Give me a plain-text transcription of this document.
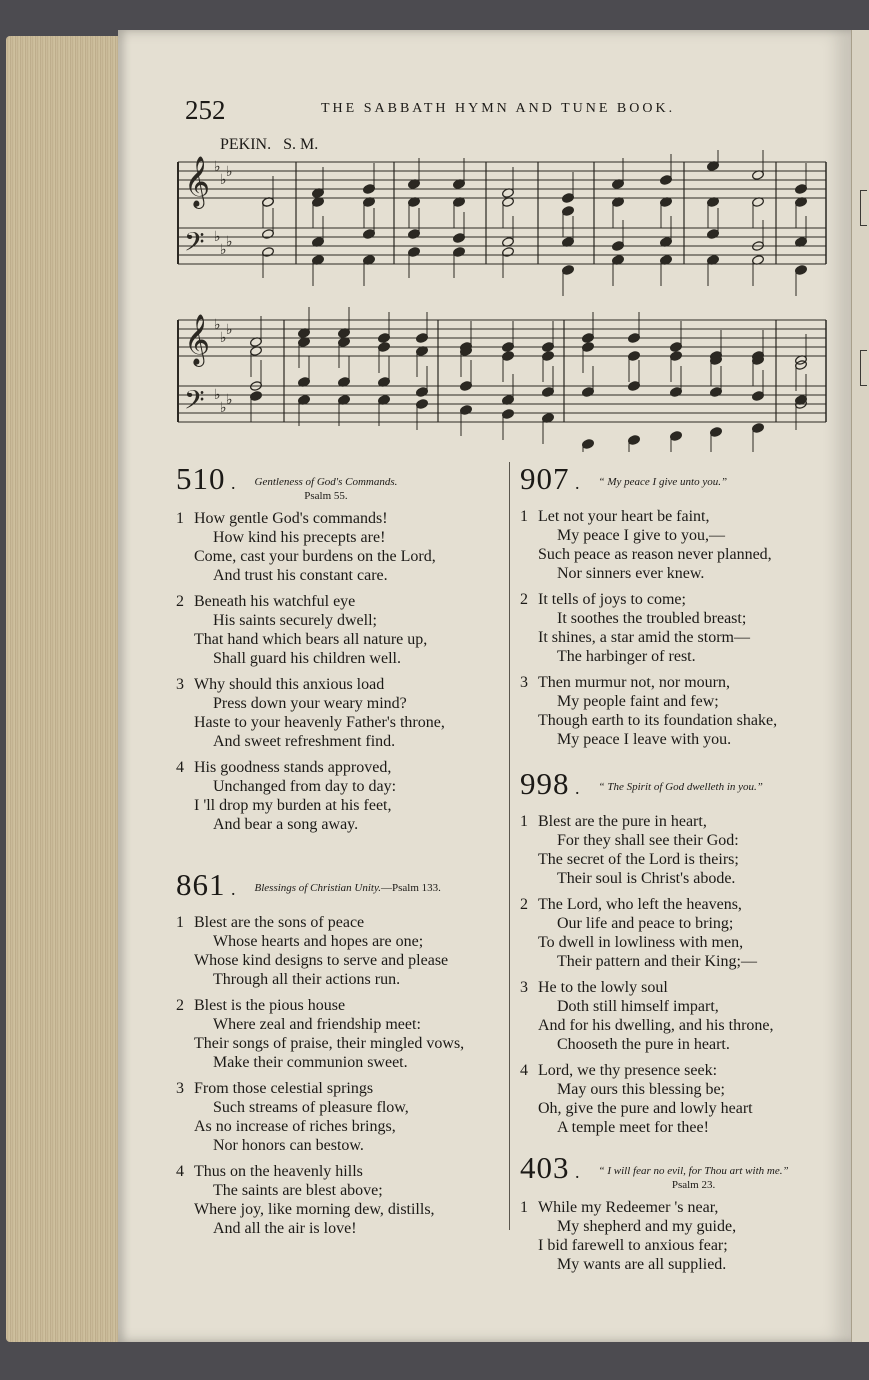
252	THE SABBATH HYMN AND TUNE BOOK.
PEKIN. S. M.
𝄞
𝄢
♭
♭
♭
♭
♭
♭
𝄞
𝄢
♭
♭
♭
♭
♭
♭
510 . Gentleness of God's Commands.
Psalm 55.
1 How gentle God's commands!
How kind his precepts are!
Come, cast your burdens on the Lord,
And trust his constant care.
2 Beneath his watchful eye
His saints securely dwell;
That hand which bears all nature up,
Shall guard his children well.
3 Why should this anxious load
Press down your weary mind?
Haste to your heavenly Father's throne,
And sweet refreshment find.
4 His goodness stands approved,
Unchanged from day to day:
I 'll drop my burden at his feet,
And bear a song away.
861 . Blessings of Christian Unity.—Psalm 133.
1 Blest are the sons of peace
Whose hearts and hopes are one;
Whose kind designs to serve and please
Through all their actions run.
2 Blest is the pious house
Where zeal and friendship meet:
Their songs of praise, their mingled vows,
Make their communion sweet.
3 From those celestial springs
Such streams of pleasure flow,
As no increase of riches brings,
Nor honors can bestow.
4 Thus on the heavenly hills
The saints are blest above;
Where joy, like morning dew, distills,
And all the air is love!
907 . “ My peace I give unto you.”
1 Let not your heart be faint,
My peace I give to you,—
Such peace as reason never planned,
Nor sinners ever knew.
2 It tells of joys to come;
It soothes the troubled breast;
It shines, a star amid the storm—
The harbinger of rest.
3 Then murmur not, nor mourn,
My people faint and few;
Though earth to its foundation shake,
My peace I leave with you.
998 . “ The Spirit of God dwelleth in you.”
1 Blest are the pure in heart,
For they shall see their God:
The secret of the Lord is theirs;
Their soul is Christ's abode.
2 The Lord, who left the heavens,
Our life and peace to bring;
To dwell in lowliness with men,
Their pattern and their King;—
3 He to the lowly soul
Doth still himself impart,
And for his dwelling, and his throne,
Chooseth the pure in heart.
4 Lord, we thy presence seek:
May ours this blessing be;
Oh, give the pure and lowly heart
A temple meet for thee!
403 . “ I will fear no evil, for Thou art with me.”
Psalm 23.
1 While my Redeemer 's near,
My shepherd and my guide,
I bid farewell to anxious fear;
My wants are all supplied.
